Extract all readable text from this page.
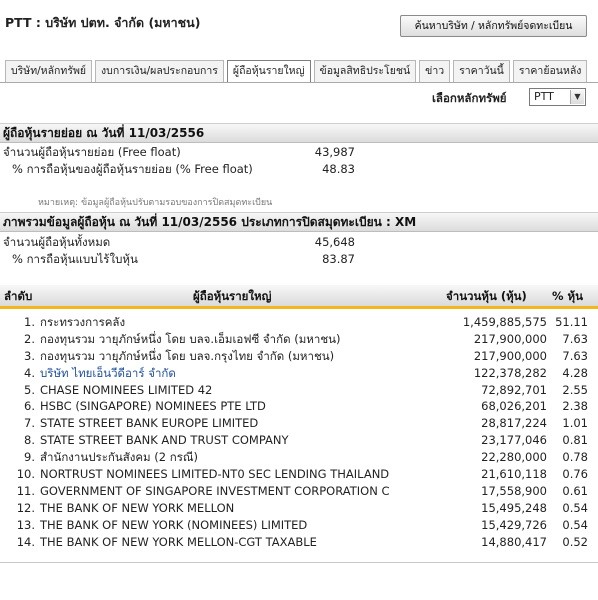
PTT : บริษัท ปตท. จำกัด (มหาชน)	ค้นหาบริษัท / หลักทรัพย์จดทะเบียน
บริษัท/หลักทรัพย์	งบการเงิน/ผลประกอบการ	ผู้ถือหุ้นรายใหญ่	ข้อมูลสิทธิประโยชน์	ข่าว	ราคาวันนี้	ราคาย้อนหลัง
เลือกหลักทรัพย์ PTT	▼
ผู้ถือหุ้นรายย่อย ณ วันที่ 11/03/2556
จำนวนผู้ถือหุ้นรายย่อย (Free float)	43,987
% การถือหุ้นของผู้ถือหุ้นรายย่อย (% Free float)	48.83
หมายเหตุ: ข้อมูลผู้ถือหุ้นปรับตามรอบของการปิดสมุดทะเบียน
ภาพรวมข้อมูลผู้ถือหุ้น ณ วันที่ 11/03/2556 ประเภทการปิดสมุดทะเบียน : XM
จำนวนผู้ถือหุ้นทั้งหมด	45,648
% การถือหุ้นแบบไร้ใบหุ้น	83.87
ลำดับ	ผู้ถือหุ้นรายใหญ่	จำนวนหุ้น (หุ้น) % หุ้น
1. กระทรวงการคลัง	1,459,885,575 51.11
2. กองทุนรวม วายุภักษ์หนึ่ง โดย บลจ.เอ็มเอฟซี จำกัด (มหาชน)	217,900,000	7.63
3. กองทุนรวม วายุภักษ์หนึ่ง โดย บลจ.กรุงไทย จำกัด (มหาชน)	217,900,000	7.63
4. บริษัท ไทยเอ็นวีดีอาร์ จำกัด	122,378,282	4.28
5. CHASE NOMINEES LIMITED 42	72,892,701	2.55
6. HSBC (SINGAPORE) NOMINEES PTE LTD	68,026,201	2.38
7. STATE STREET BANK EUROPE LIMITED	28,817,224	1.01
8. STATE STREET BANK AND TRUST COMPANY	23,177,046	0.81
9. สำนักงานประกันสังคม (2 กรณี)	22,280,000	0.78
10. NORTRUST NOMINEES LIMITED-NT0 SEC LENDING THAILAND	21,610,118	0.76
11. GOVERNMENT OF SINGAPORE INVESTMENT CORPORATION C	17,558,900	0.61
12. THE BANK OF NEW YORK MELLON	15,495,248	0.54
13. THE BANK OF NEW YORK (NOMINEES) LIMITED	15,429,726	0.54
14. THE BANK OF NEW YORK MELLON-CGT TAXABLE	14,880,417	0.52
